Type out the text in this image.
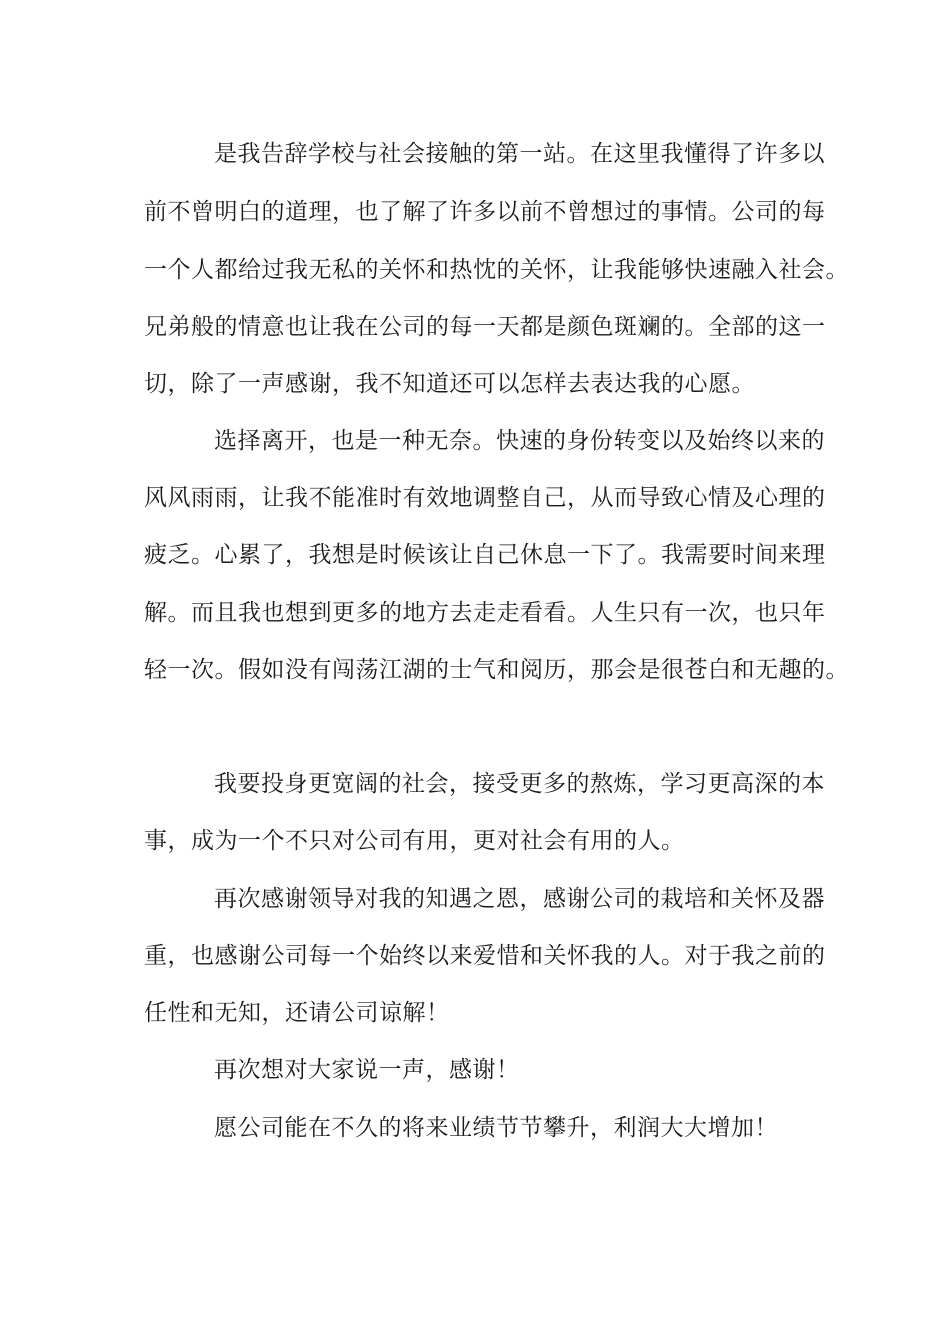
是我告辞学校与社会接触的第一站。在这里我懂得了许多以
前不曾明白的道理，也了解了许多以前不曾想过的事情。公司的每
一个人都给过我无私的关怀和热忱的关怀，让我能够快速融入社会。
兄弟般的情意也让我在公司的每一天都是颜色斑斓的。全部的这一
切，除了一声感谢，我不知道还可以怎样去表达我的心愿。
选择离开，也是一种无奈。快速的身份转变以及始终以来的
风风雨雨，让我不能准时有效地调整自己，从而导致心情及心理的
疲乏。心累了，我想是时候该让自己休息一下了。我需要时间来理
解。而且我也想到更多的地方去走走看看。人生只有一次，也只年
轻一次。假如没有闯荡江湖的士气和阅历，那会是很苍白和无趣的。
我要投身更宽阔的社会，接受更多的熬炼，学习更高深的本
事，成为一个不只对公司有用，更对社会有用的人。
再次感谢领导对我的知遇之恩，感谢公司的栽培和关怀及器
重，也感谢公司每一个始终以来爱惜和关怀我的人。对于我之前的
任性和无知，还请公司谅解！
再次想对大家说一声，感谢！
愿公司能在不久的将来业绩节节攀升，利润大大增加！
